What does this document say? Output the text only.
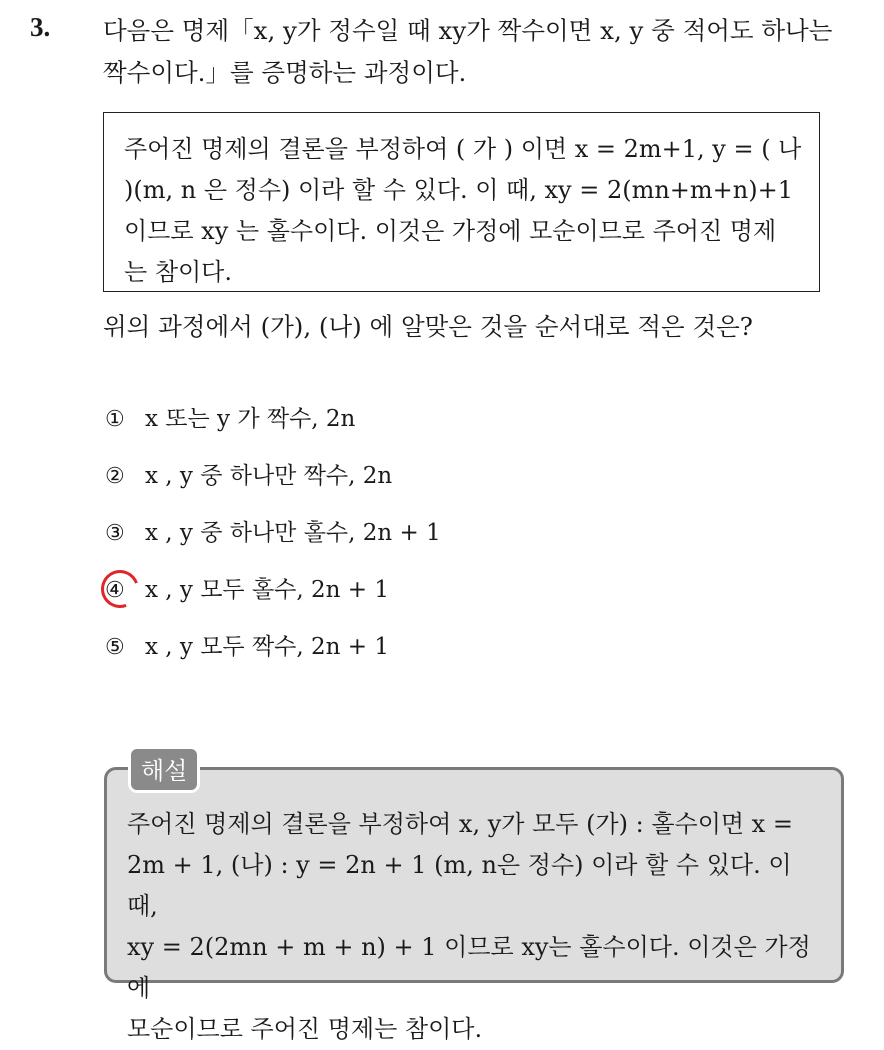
3. 다음은 명제「x, y가 정수일 때 xy가 짝수이면 x, y 중 적어도 하나는
짝수이다.」를 증명하는 과정이다.
주어진 명제의 결론을 부정하여 ( 가 ) 이면 x = 2m+1, y = ( 나
)(m, n 은 정수) 이라 할 수 있다. 이 때, xy = 2(mn+m+n)+1
이므로 xy 는 홀수이다. 이것은 가정에 모순이므로 주어진 명제
는 참이다.
위의 과정에서 (가), (나) 에 알맞은 것을 순서대로 적은 것은?
① x 또는 y 가 짝수, 2n
② x , y 중 하나만 짝수, 2n
③ x , y 중 하나만 홀수, 2n + 1
④ x , y 모두 홀수, 2n + 1
⑤ x , y 모두 짝수, 2n + 1
해설
주어진 명제의 결론을 부정하여 x, y가 모두 (가) : 홀수이면 x =
2m + 1, (나) : y = 2n + 1 (m, n은 정수) 이라 할 수 있다. 이 때,
xy = 2(2mn + m + n) + 1 이므로 xy는 홀수이다. 이것은 가정에
모순이므로 주어진 명제는 참이다.
